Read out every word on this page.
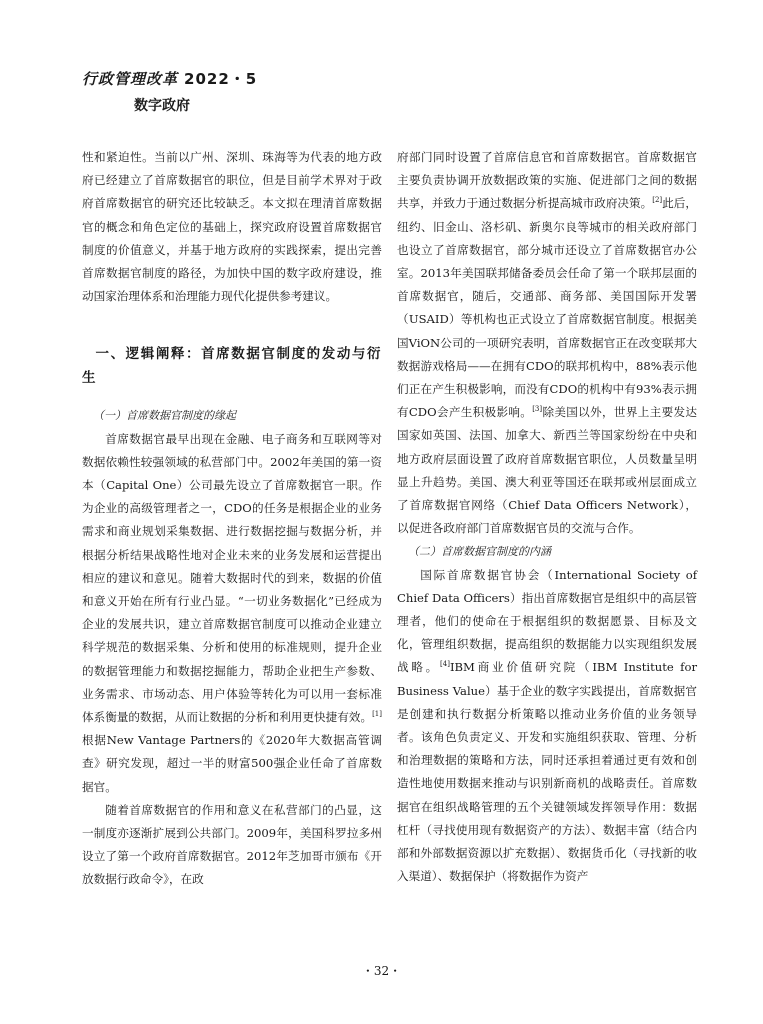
行政管理改革 2022・5
数字政府

性和紧迫性。当前以广州、深圳、珠海等为代表的地方政府已经建立了首席数据官的职位，但是目前学术界对于政府首席数据官的研究还比较缺乏。本文拟在理清首席数据官的概念和角色定位的基础上，探究政府设置首席数据官制度的价值意义，并基于地方政府的实践探索，提出完善首席数据官制度的路径，为加快中国的数字政府建设，推动国家治理体系和治理能力现代化提供参考建议。

一、逻辑阐释：首席数据官制度的发动与衍生
（一）首席数据官制度的缘起

首席数据官最早出现在金融、电子商务和互联网等对数据依赖性较强领域的私营部门中。2002年美国的第一资本（Capital One）公司最先设立了首席数据官一职。作为企业的高级管理者之一，CDO的任务是根据企业的业务需求和商业规划采集数据、进行数据挖掘与数据分析，并根据分析结果战略性地对企业未来的业务发展和运营提出相应的建议和意见。随着大数据时代的到来，数据的价值和意义开始在所有行业凸显。“一切业务数据化”已经成为企业的发展共识，建立首席数据官制度可以推动企业建立科学规范的数据采集、分析和使用的标准规则，提升企业的数据管理能力和数据挖掘能力，帮助企业把生产参数、业务需求、市场动态、用户体验等转化为可以用一套标准体系衡量的数据，从而让数据的分析和利用更快捷有效。[1]根据New Vantage Partners的《2020年大数据高管调查》研究发现，超过一半的财富500强企业任命了首席数据官。

随着首席数据官的作用和意义在私营部门的凸显，这一制度亦逐渐扩展到公共部门。2009年，美国科罗拉多州设立了第一个政府首席数据官。2012年芝加哥市颁布《开放数据行政命令》，在政

府部门同时设置了首席信息官和首席数据官。首席数据官主要负责协调开放数据政策的实施、促进部门之间的数据共享，并致力于通过数据分析提高城市政府决策。[2]此后，纽约、旧金山、洛杉矶、新奥尔良等城市的相关政府部门也设立了首席数据官，部分城市还设立了首席数据官办公室。2013年美国联邦储备委员会任命了第一个联邦层面的首席数据官，随后，交通部、商务部、美国国际开发署（USAID）等机构也正式设立了首席数据官制度。根据美国ViON公司的一项研究表明，首席数据官正在改变联邦大数据游戏格局——在拥有CDO的联邦机构中，88%表示他们正在产生积极影响，而没有CDO的机构中有93%表示拥有CDO会产生积极影响。[3]除美国以外，世界上主要发达国家如英国、法国、加拿大、新西兰等国家纷纷在中央和地方政府层面设置了政府首席数据官职位，人员数量呈明显上升趋势。美国、澳大利亚等国还在联邦或州层面成立了首席数据官网络（Chief Data Officers Network），以促进各政府部门首席数据官员的交流与合作。

（二）首席数据官制度的内涵

国际首席数据官协会（International Society of Chief Data Officers）指出首席数据官是组织中的高层管理者，他们的使命在于根据组织的数据愿景、目标及文化，管理组织数据，提高组织的数据能力以实现组织发展战略。[4]IBM商业价值研究院（IBM Institute for Business Value）基于企业的数字实践提出，首席数据官是创建和执行数据分析策略以推动业务价值的业务领导者。该角色负责定义、开发和实施组织获取、管理、分析和治理数据的策略和方法，同时还承担着通过更有效和创造性地使用数据来推动与识别新商机的战略责任。首席数据官在组织战略管理的五个关键领域发挥领导作用：数据杠杆（寻找使用现有数据资产的方法）、数据丰富（结合内部和外部数据资源以扩充数据）、数据货币化（寻找新的收入渠道）、数据保护（将数据作为资产

・32・
